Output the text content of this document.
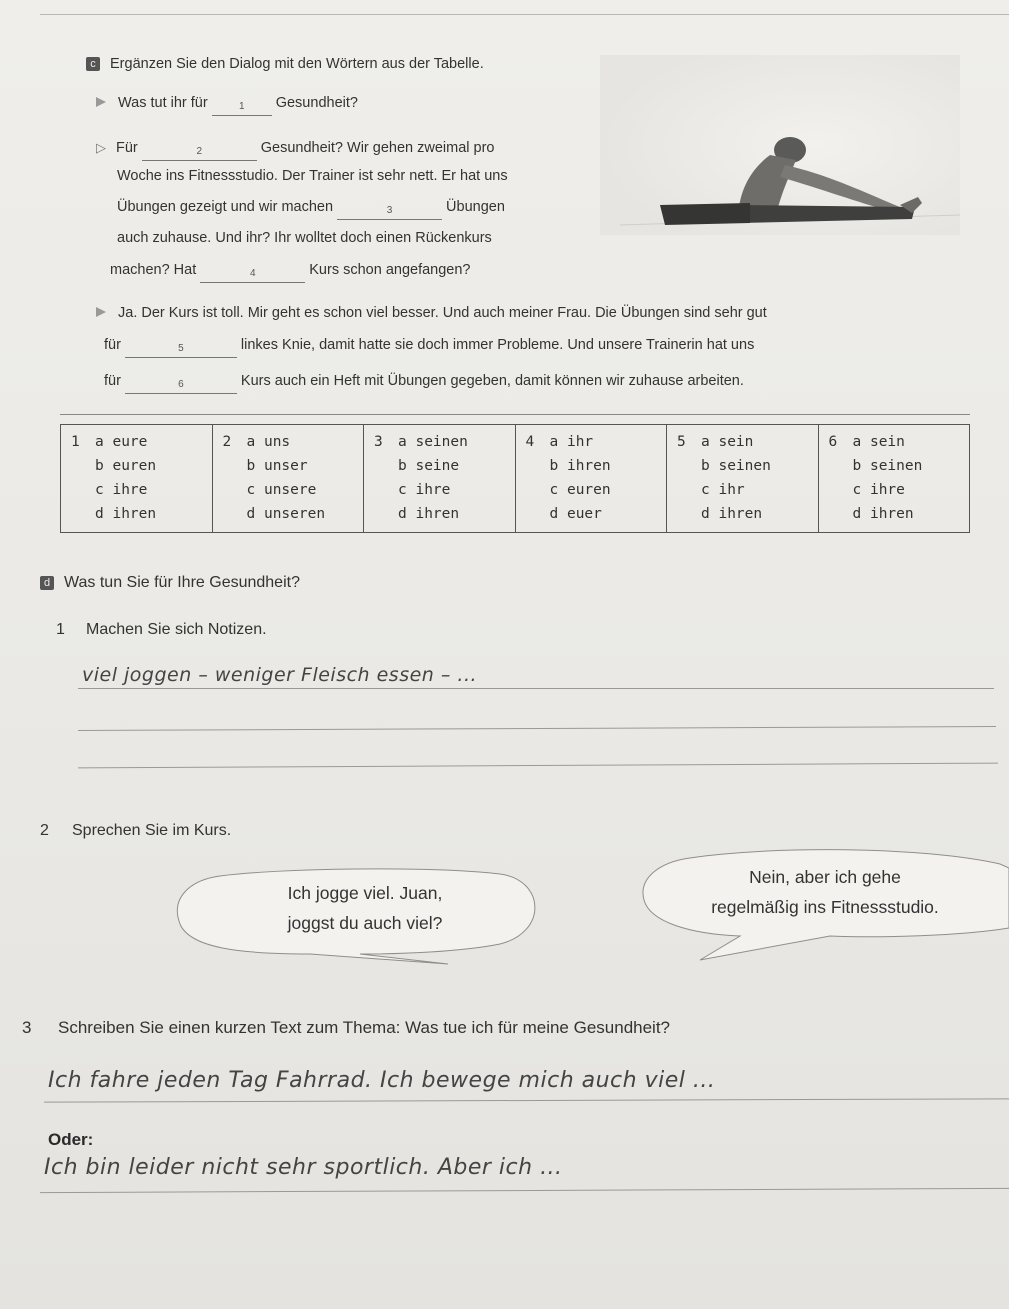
c Ergänzen Sie den Dialog mit den Wörtern aus der Tabelle.
Was tut ihr für	1 Gesundheit?
▷ Für	2	Gesundheit? Wir gehen zweimal pro
Woche ins Fitnessstudio. Der Trainer ist sehr nett. Er hat uns
Übungen gezeigt und wir machen	3	Übungen
auch zuhause. Und ihr? Ihr wolltet doch einen Rückenkurs
machen? Hat	4	Kurs schon angefangen?
Ja. Der Kurs ist toll. Mir geht es schon viel besser. Und auch meiner Frau. Die Übungen sind sehr gut
für	5	linkes Knie, damit hatte sie doch immer Probleme. Und unsere Trainerin hat uns
für	6	Kurs auch ein Heft mit Übungen gegeben, damit können wir zuhause arbeiten.
1 a eure
b euren
c ihre
d ihren

2 a uns
b unser
c unsere
d unseren

3 a seinen
b seine
c ihre
d ihren

4 a ihr
b ihren
c euren
d euer

5 a sein
b seinen
c ihr
d ihren

6 a sein
b seinen
c ihre
d ihren
d Was tun Sie für Ihre Gesundheit?
1 Machen Sie sich Notizen.
viel joggen – weniger Fleisch essen – ...
2 Sprechen Sie im Kurs.
Ich jogge viel. Juan,
joggst du auch viel?
Nein, aber ich gehe
regelmäßig ins Fitnessstudio.
3 Schreiben Sie einen kurzen Text zum Thema: Was tue ich für meine Gesundheit?
Ich fahre jeden Tag Fahrrad. Ich bewege mich auch viel ...
Oder:
Ich bin leider nicht sehr sportlich. Aber ich ...
